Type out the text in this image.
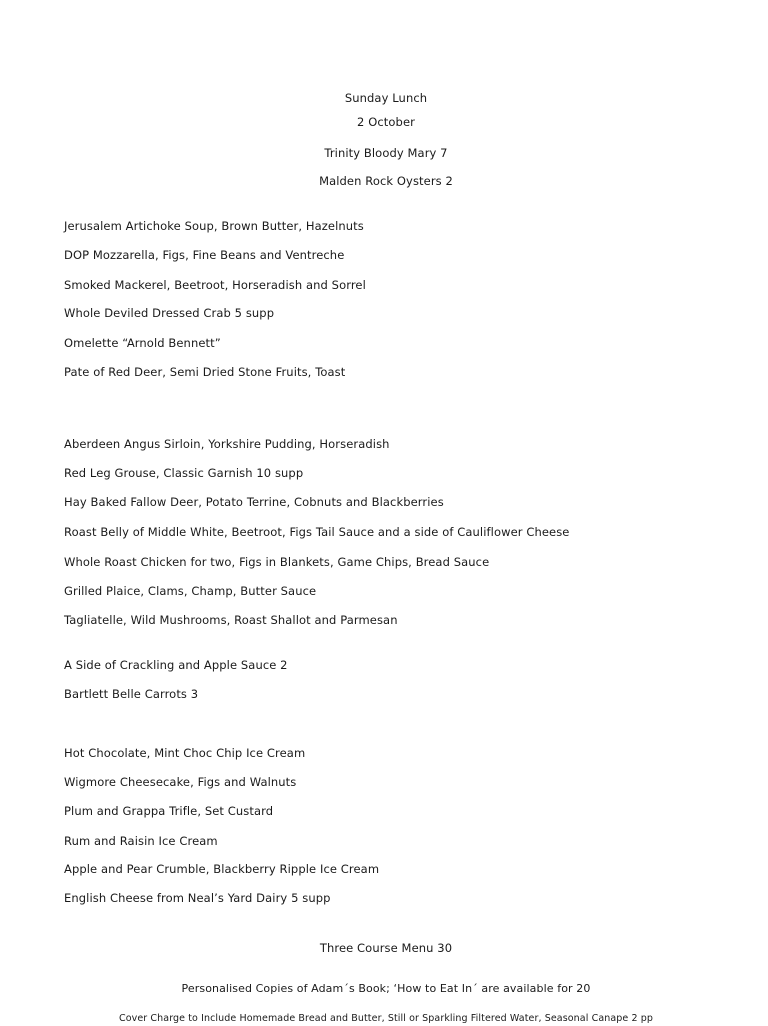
Sunday Lunch
2 October
Trinity Bloody Mary 7
Malden Rock Oysters 2
Jerusalem Artichoke Soup, Brown Butter, Hazelnuts
DOP Mozzarella, Figs, Fine Beans and Ventreche
Smoked Mackerel, Beetroot, Horseradish and Sorrel
Whole Deviled Dressed Crab 5 supp
Omelette “Arnold Bennett”
Pate of Red Deer, Semi Dried Stone Fruits, Toast
Aberdeen Angus Sirloin, Yorkshire Pudding, Horseradish
Red Leg Grouse, Classic Garnish 10 supp
Hay Baked Fallow Deer, Potato Terrine, Cobnuts and Blackberries
Roast Belly of Middle White, Beetroot, Figs Tail Sauce and a side of Cauliflower Cheese
Whole Roast Chicken for two, Figs in Blankets, Game Chips, Bread Sauce
Grilled Plaice, Clams, Champ, Butter Sauce
Tagliatelle, Wild Mushrooms, Roast Shallot and Parmesan
A Side of Crackling and Apple Sauce 2
Bartlett Belle Carrots 3
Hot Chocolate, Mint Choc Chip Ice Cream
Wigmore Cheesecake, Figs and Walnuts
Plum and Grappa Trifle, Set Custard
Rum and Raisin Ice Cream
Apple and Pear Crumble, Blackberry Ripple Ice Cream
English Cheese from Neal’s Yard Dairy 5 supp
Three Course Menu 30
Personalised Copies of Adam´s Book; ‘How to Eat In´ are available for 20
Cover Charge to Include Homemade Bread and Butter, Still or Sparkling Filtered Water, Seasonal Canape 2 pp
